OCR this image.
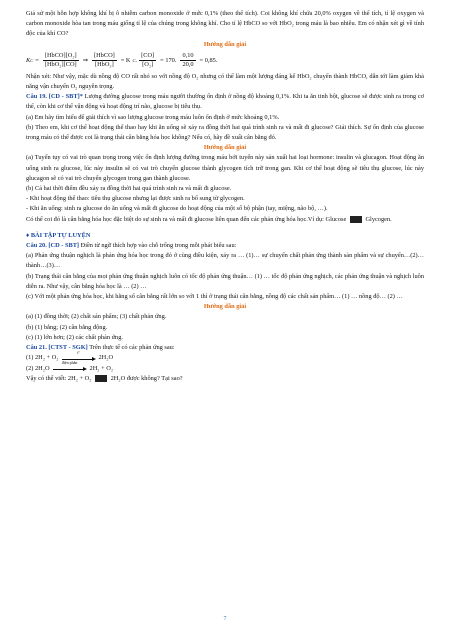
Giả sử một hỗn hợp không khí bị ô nhiễm carbon monoxide ở mức 0,1% (theo thể tích). Coi không khí chứa 20,0% oxygen về thể tích, tỉ lệ oxygen và carbon monoxide hòa tan trong máu giống tỉ lệ của chúng trong không khí. Cho tỉ lệ HbCO so với HbO₂ trong máu là bao nhiêu. Em có nhận xét gì về tính độc của khí CO?

Hướng dẫn giải

K $C = \frac{\text{[HbCO][O₂]}}{\text{[HbO₂][CO]}}$ ⇒ $\frac{\text{[HbCO]}}{\text{[HbO₂]}} = K$ C . $\frac{[CO]}{\text{[O₂]}} = 170$. $\frac{0,10}{20,0} = 0,85$.

Nhận xét: Như vậy, mặc dù nồng độ CO rất nhỏ so với nồng độ O₂ nhưng có thể làm một lượng đáng kể HbO₂ chuyển thành HbCO, dẫn tới làm giảm khả năng vận chuyển O₂ nguyên trọng.

Câu 19. [CD - SBT]* Lượng đường glucose trong máu người thường ổn định ở nồng độ khoảng 0,1%. Khi ta ăn tinh bột, glucose sẽ được sinh ra trong cơ thể, còn khi cơ thể vận động và hoạt động trí não, glucose bị tiêu thụ.

(a) Em hãy tìm hiểu để giải thích vì sao lượng glucose trong máu luôn ổn định ở mức khoảng 0,1%.

(b) Theo em, khi cơ thể hoạt động thể thao hay khi ăn uống sẽ xảy ra đồng thời hai quá trình sinh ra và mất đi glucose? Giải thích. Sự ổn định của glucose trong máu có thể được coi là trạng thái cân bằng hóa học không? Nếu có, hãy đề xuất cân bằng đó.

Hướng dẫn giải

(a) Tuyến tụy có vai trò quan trọng trong việc ổn định lượng đường trong máu bởi tuyến này sản xuất hai loại hormone: insulin và glucagon. Hoạt động ăn uống sinh ra glucose, lúc này insulin sẽ có vai trò chuyển glucose thành glycogen tích trữ trong gan. Khi cơ thể hoạt động sẽ tiêu thụ glucose, lúc này glucagon sẽ có vai trò chuyển glycogen trong gan thành glucose.

(b) Cả hai thời điểm đều xảy ra đồng thời hai quá trình sinh ra và mất đi glucose.

- Khi hoạt động thể thao: tiêu thụ glucose nhưng lại được sinh ra bổ sung từ glycogen.

- Khi ăn uống: sinh ra glucose do ăn uống và mất đi glucose do hoạt động của một số bộ phận (tay, miệng, não bộ, …).

Có thể coi đó là cân bằng hóa học đặc biệt do sự sinh ra và mất đi glucose liên quan đến các phản ứng hóa học.Ví dụ: Glucose	Glycogen.

♦ BÀI TẬP TỰ LUYỆN

Câu 20. [CD - SBT] Điền từ ngữ thích hợp vào chỗ trống trong mỗi phát biểu sau:

(a) Phản ứng thuận nghịch là phản ứng hóa học trong đó ở cùng điều kiện, xảy ra … (1)… sự chuyển chất phản ứng thành sản phẩm và sự chuyển…(2)… thành…(3)…

(b) Trạng thái cân bằng của mọi phản ứng thuận nghịch luôn có tốc độ phản ứng thuận… (1) … tốc độ phản ứng nghịch, các phản ứng thuận và nghịch luôn diễn ra. Như vậy, cân bằng hóa học là … (2) …

(c) Với một phản ứng hóa học, khi hằng số cân bằng rất lớn so với 1 thì ở trạng thái cân bằng, nồng độ các chất sản phẩm… (1) … nồng độ… (2) …

Hướng dẫn giải

(a) (1) đồng thời; (2) chất sản phẩm; (3) chất phản ứng.

(b) (1) bằng; (2) cân bằng động.

(c) (1) lớn hơn; (2) các chất phản ứng.

Câu 21. [CTST - SGK] Trên thực tế có các phản ứng sau:

(1) 2H₂ + O₂
t°
2H₂O

(2) 2H₂O
điện phân
2H₂ + O₂

Vậy có thể viết: 2H₂ + O₂	2H₂O được không? Tại sao?

7
